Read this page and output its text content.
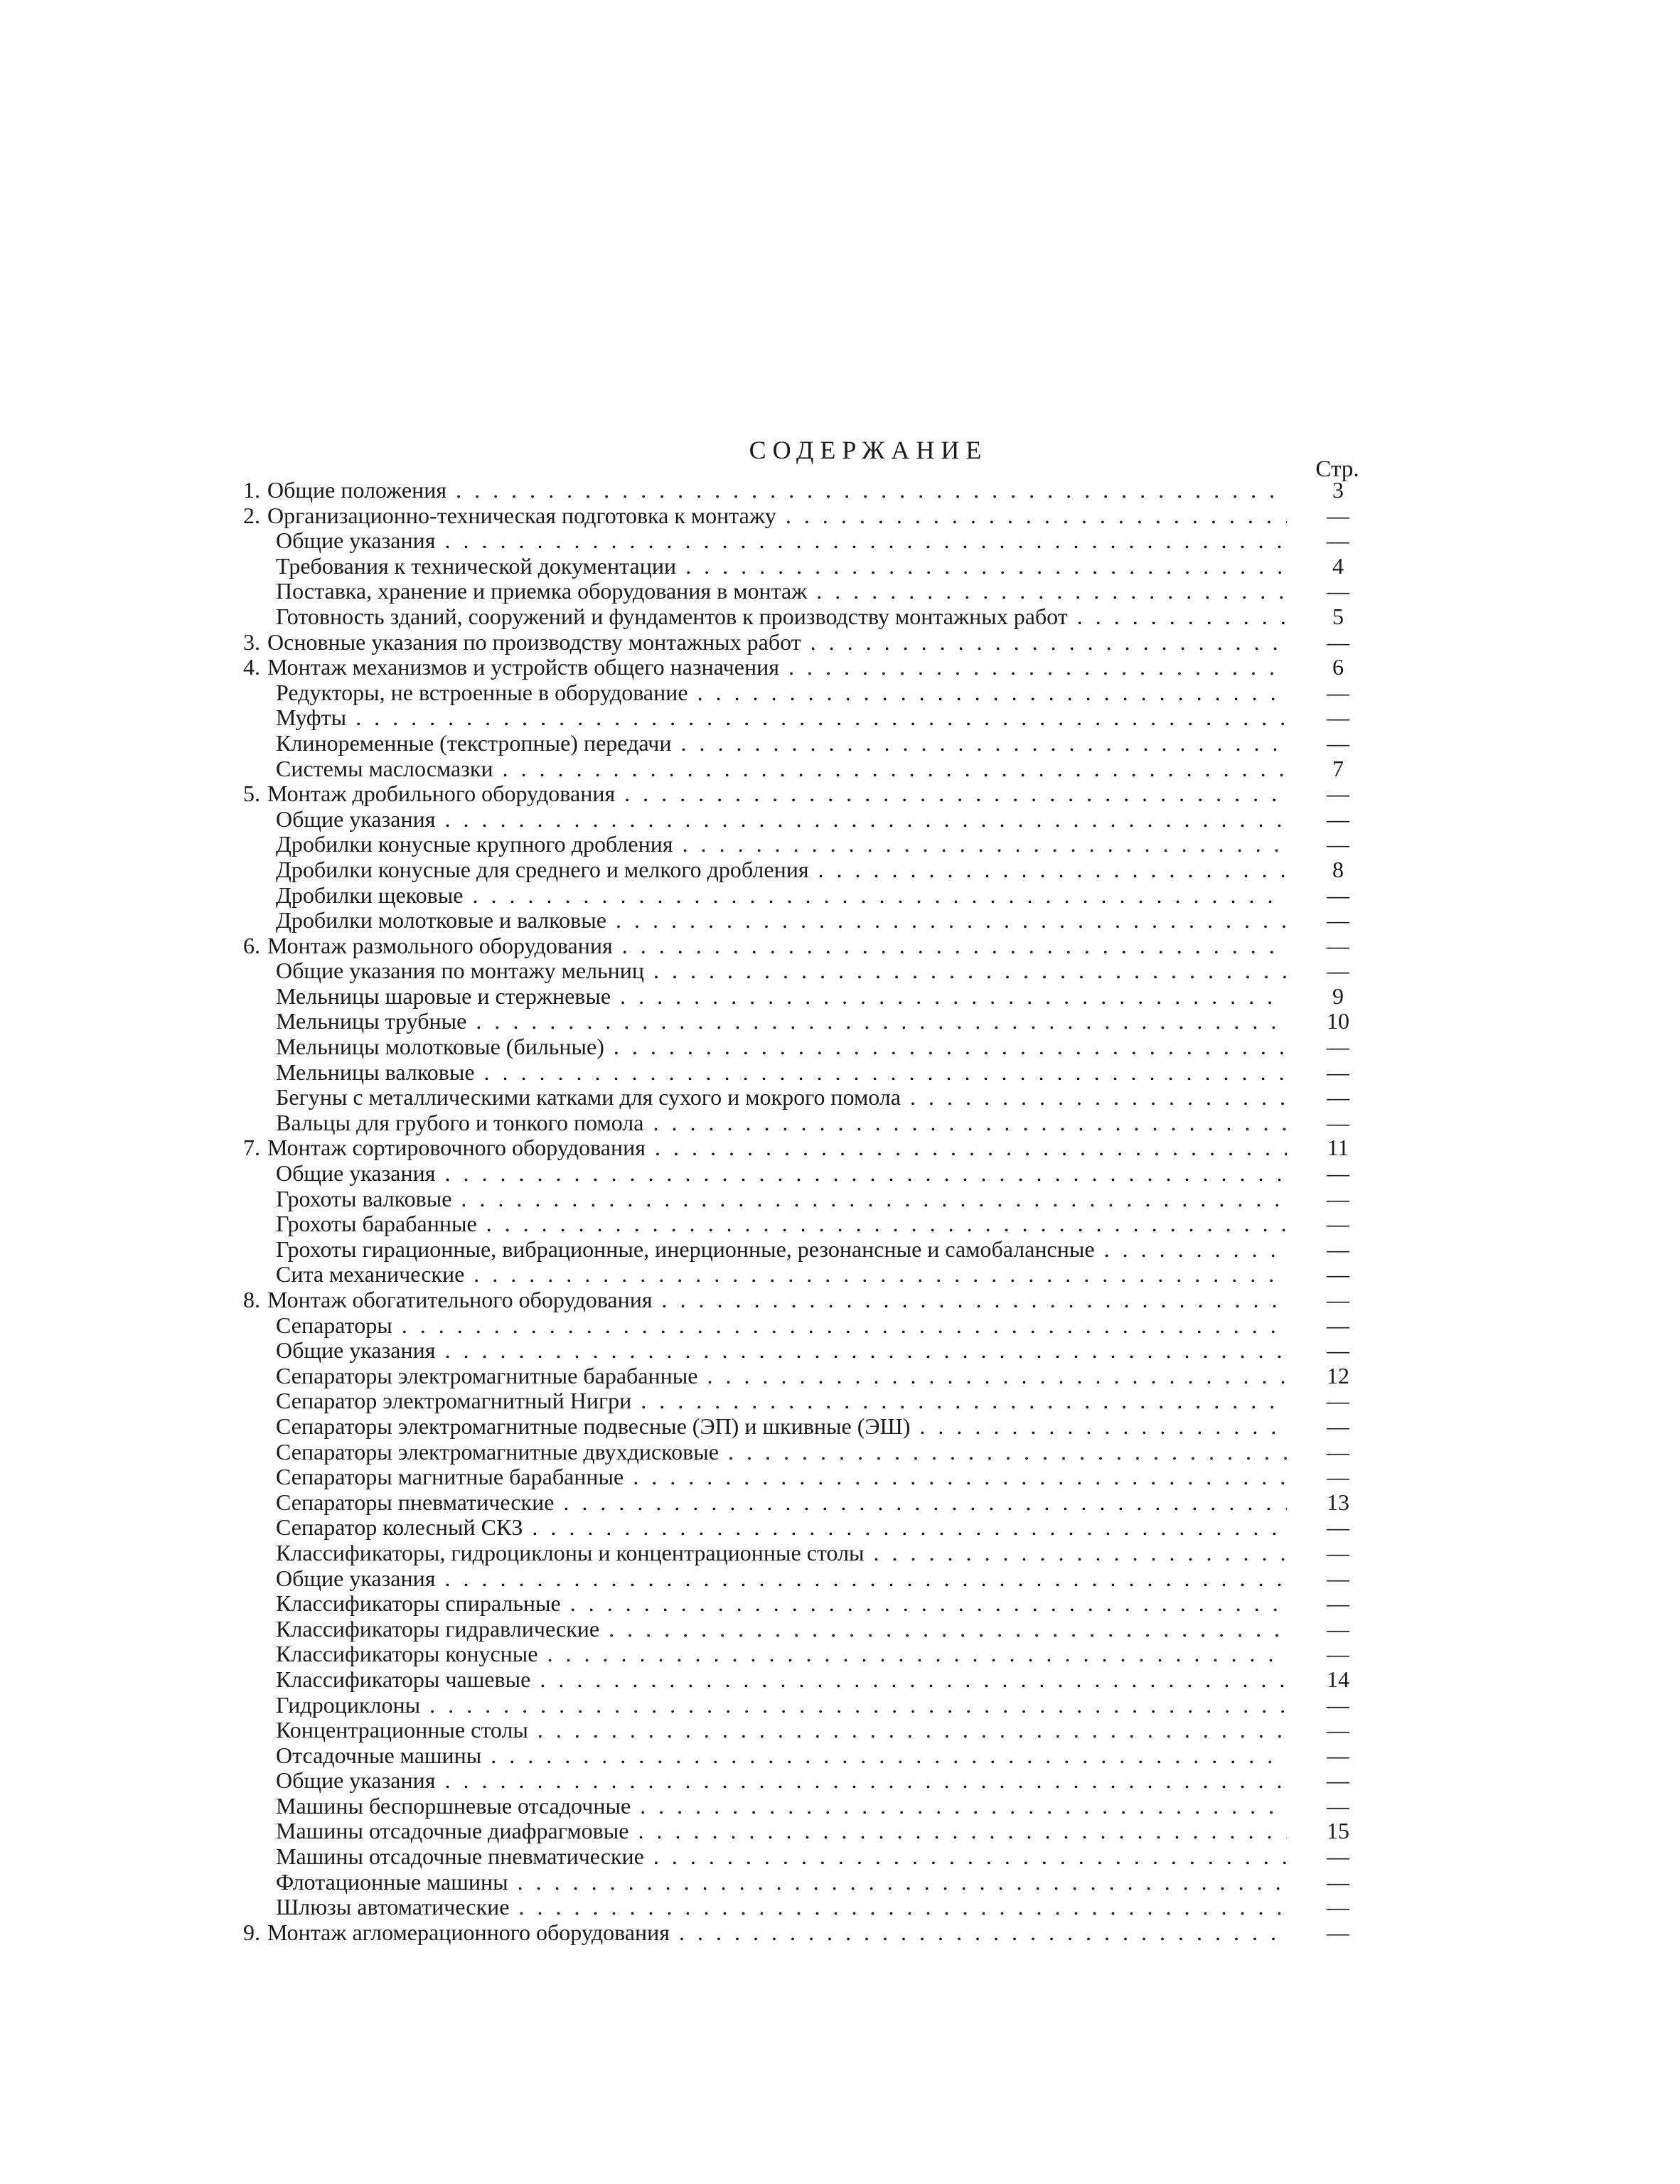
СОДЕРЖАНИЕ
Стр.
1. Общие положения . . .	3
2. Организационно-техническая подготовка к монтажу . . .	—
Общие указания . . .	—
Требования к технической документации . . .	4
Поставка, хранение и приемка оборудования в монтаж . . .	—
Готовность зданий, сооружений и фундаментов к производству монтажных работ . . .	5
3. Основные указания по производству монтажных работ . . .	—
4. Монтаж механизмов и устройств общего назначения . . .	6
Редукторы, не встроенные в оборудование . . .	—
Муфты . . .	—
Клиноременные (текстропные) передачи . . .	—
Системы маслосмазки . . .	7
5. Монтаж дробильного оборудования . . .	—
Общие указания . . .	—
Дробилки конусные крупного дробления . . .	—
Дробилки конусные для среднего и мелкого дробления . . .	8
Дробилки щековые . . .	—
Дробилки молотковые и валковые . . .	—
6. Монтаж размольного оборудования . . .	—
Общие указания по монтажу мельниц . . .	—
Мельницы шаровые и стержневые . . .	9
Мельницы трубные . . .	10
Мельницы молотковые (бильные) . . .	—
Мельницы валковые . . .	—
Бегуны с металлическими катками для сухого и мокрого помола . . .	—
Вальцы для грубого и тонкого помола . . .	—
7. Монтаж сортировочного оборудования . . .	11
Общие указания . . .	—
Грохоты валковые . . .	—
Грохоты барабанные . . .	—
Грохоты гирационные, вибрационные, инерционные, резонансные и самобалансные . . .	—
Сита механические . . .	—
8. Монтаж обогатительного оборудования . . .	—
Сепараторы . . .	—
Общие указания . . .	—
Сепараторы электромагнитные барабанные . . .	12
Сепаратор электромагнитный Нигри . . .	—
Сепараторы электромагнитные подвесные (ЭП) и шкивные (ЭШ) . . .	—
Сепараторы электромагнитные двухдисковые . . .	—
Сепараторы магнитные барабанные . . .	—
Сепараторы пневматические . . .	13
Сепаратор колесный СКЗ . . .	—
Классификаторы, гидроциклоны и концентрационные столы . . .	—
Общие указания . . .	—
Классификаторы спиральные . . .	—
Классификаторы гидравлические . . .	—
Классификаторы конусные . . .	—
Классификаторы чашевые . . .	14
Гидроциклоны . . .	—
Концентрационные столы . . .	—
Отсадочные машины . . .	—
Общие указания . . .	—
Машины беспоршневые отсадочные . . .	—
Машины отсадочные диафрагмовые . . .	15
Машины отсадочные пневматические . . .	—
Флотационные машины . . .	—
Шлюзы автоматические . . .	—
9. Монтаж агломерационного оборудования . . .	—
